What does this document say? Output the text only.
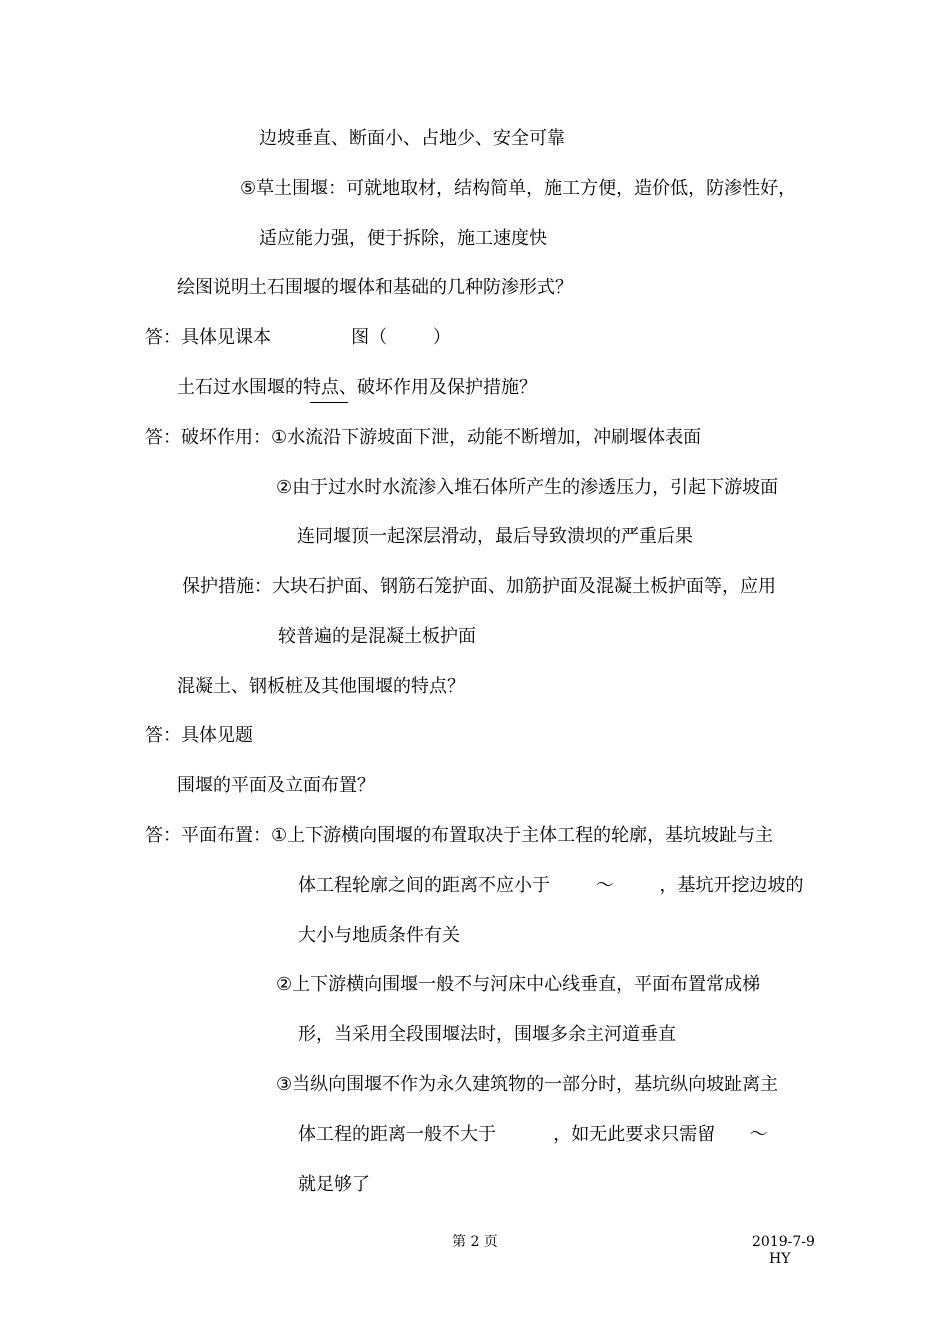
边坡垂直、断面小、占地少、安全可靠
⑤草土围堰：可就地取材，结构简单，施工方便，造价低，防渗性好，
适应能力强，便于拆除，施工速度快
绘图说明土石围堰的堰体和基础的几种防渗形式？
答：具体见课本              图（        ）
土石过水围堰的特点、破坏作用及保护措施？
答：破坏作用：①水流沿下游坡面下泄，动能不断增加，冲刷堰体表面
②由于过水时水流渗入堆石体所产生的渗透压力，引起下游坡面
连同堰顶一起深层滑动，最后导致溃坝的严重后果
保护措施：大块石护面、钢筋石笼护面、加筋护面及混凝土板护面等，应用
较普遍的是混凝土板护面
混凝土、钢板桩及其他围堰的特点？
答：具体见题
围堰的平面及立面布置？
答：平面布置：①上下游横向围堰的布置取决于主体工程的轮廓，基坑坡趾与主
体工程轮廓之间的距离不应小于        ～        ，基坑开挖边坡的
大小与地质条件有关
②上下游横向围堰一般不与河床中心线垂直，平面布置常成梯
形，当采用全段围堰法时，围堰多余主河道垂直
③当纵向围堰不作为永久建筑物的一部分时，基坑纵向坡趾离主
体工程的距离一般不大于          ，如无此要求只需留      ～
就足够了
第 2 页	2019-7-9
HY
